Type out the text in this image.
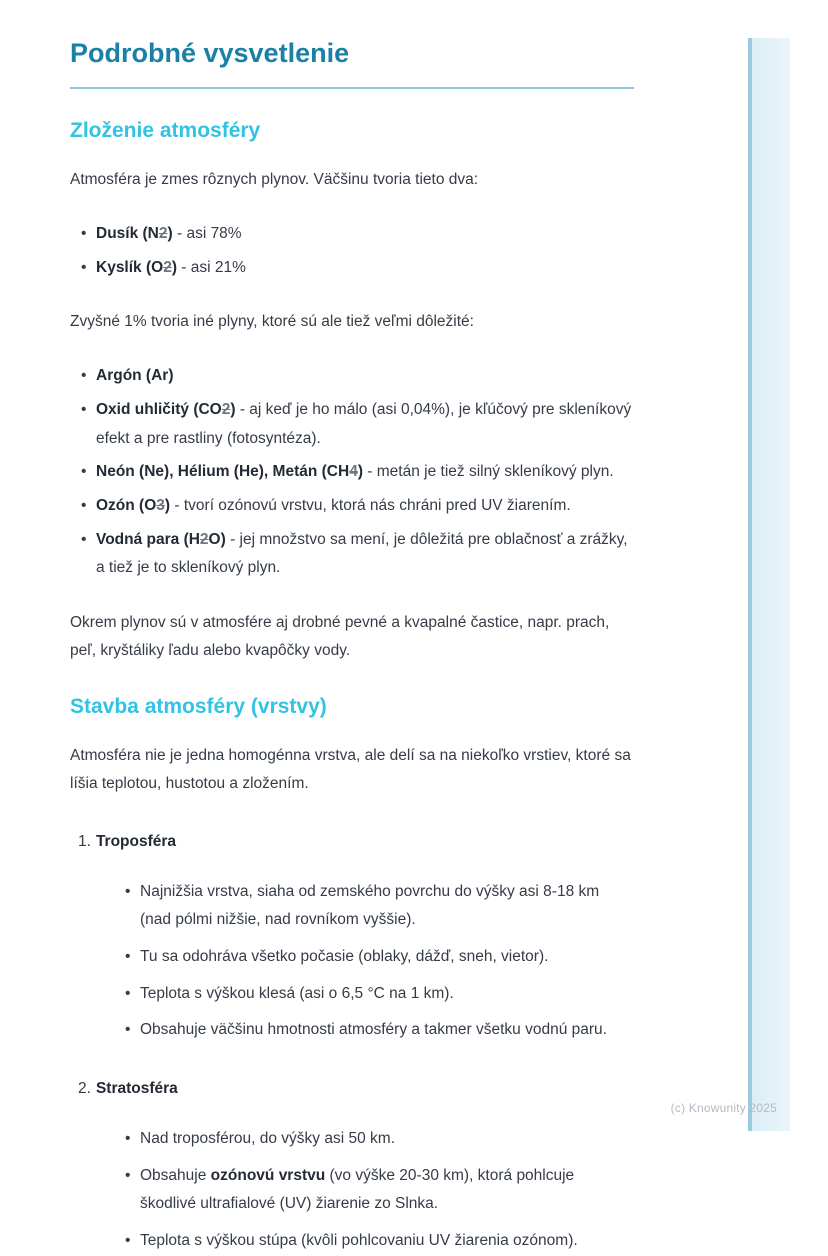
(c) Knowunity 2025
Podrobné vysvetlenie
Zloženie atmosféry

Atmosféra je zmes rôznych plynov. Väčšinu tvoria tieto dva:

• Dusík (N2) - asi 78%
• Kyslík (O2) - asi 21%

Zvyšné 1% tvoria iné plyny, ktoré sú ale tiež veľmi dôležité:

• Argón (Ar)
• Oxid uhličitý (CO2) - aj keď je ho málo (asi 0,04%), je kľúčový pre skleníkový efekt a pre rastliny (fotosyntéza).
• Neón (Ne), Hélium (He), Metán (CH4) - metán je tiež silný skleníkový plyn.
• Ozón (O3) - tvorí ozónovú vrstvu, ktorá nás chráni pred UV žiarením.
• Vodná para (H2O) - jej množstvo sa mení, je dôležitá pre oblačnosť a zrážky, a tiež je to skleníkový plyn.

Okrem plynov sú v atmosfére aj drobné pevné a kvapalné častice, napr. prach, peľ, kryštáliky ľadu alebo kvapôčky vody.

Stavba atmosféry (vrstvy)

Atmosféra nie je jedna homogénna vrstva, ale delí sa na niekoľko vrstiev, ktoré sa líšia teplotou, hustotou a zložením.

1. Troposféra
• Najnižšia vrstva, siaha od zemského povrchu do výšky asi 8-18 km (nad pólmi nižšie, nad rovníkom vyššie).
• Tu sa odohráva všetko počasie (oblaky, dážď, sneh, vietor).
• Teplota s výškou klesá (asi o 6,5 °C na 1 km).
• Obsahuje väčšinu hmotnosti atmosféry a takmer všetku vodnú paru.
2. Stratosféra
• Nad troposférou, do výšky asi 50 km.
• Obsahuje ozónovú vrstvu (vo výške 20-30 km), ktorá pohlcuje škodlivé ultrafialové (UV) žiarenie zo Slnka.
• Teplota s výškou stúpa (kvôli pohlcovaniu UV žiarenia ozónom).
